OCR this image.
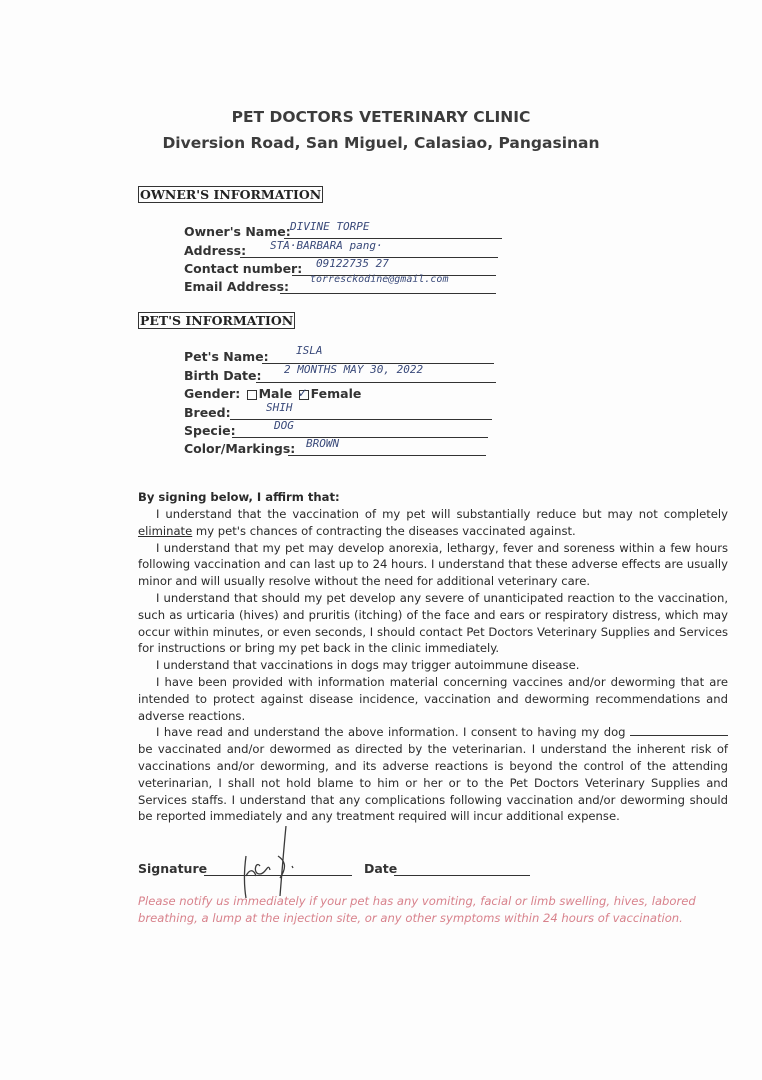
PET DOCTORS VETERINARY CLINIC
Diversion Road, San Miguel, Calasiao, Pangasinan
OWNER'S INFORMATION
Owner's Name: DIVINE TORPE
Address: STA·BARBARA pang·
Contact number: 09122735 27
Email Address: torresckodine@gmail.com
PET'S INFORMATION
Pet's Name: ISLA
Birth Date: 2 MONTHS MAY 30, 2022
Gender: Male ✓ Female
Breed:	SHIH
Specie:	DOG
Color/Markings: BROWN
By signing below, I affirm that:

I understand that the vaccination of my pet will substantially reduce but may not completely eliminate my pet's chances of contracting the diseases vaccinated against.

I understand that my pet may develop anorexia, lethargy, fever and soreness within a few hours following vaccination and can last up to 24 hours. I understand that these adverse effects are usually minor and will usually resolve without the need for additional veterinary care.

I understand that should my pet develop any severe of unanticipated reaction to the vaccination, such as urticaria (hives) and pruritis (itching) of the face and ears or respiratory distress, which may occur within minutes, or even seconds, I should contact Pet Doctors Veterinary Supplies and Services for instructions or bring my pet back in the clinic immediately.

I understand that vaccinations in dogs may trigger autoimmune disease.

I have been provided with information material concerning vaccines and/or deworming that are intended to protect against disease incidence, vaccination and deworming recommendations and adverse reactions.

I have read and understand the above information. I consent to having my dog  be vaccinated and/or dewormed as directed by the veterinarian. I understand the inherent risk of vaccinations and/or deworming, and its adverse reactions is beyond the control of the attending veterinarian, I shall not hold blame to him or her or to the Pet Doctors Veterinary Supplies and Services staffs. I understand that any complications following vaccination and/or deworming should be reported immediately and any treatment required will incur additional expense.

Signature	Date
Please notify us immediately if your pet has any vomiting, facial or limb swelling, hives, labored breathing, a lump at the injection site, or any other symptoms within 24 hours of vaccination.
